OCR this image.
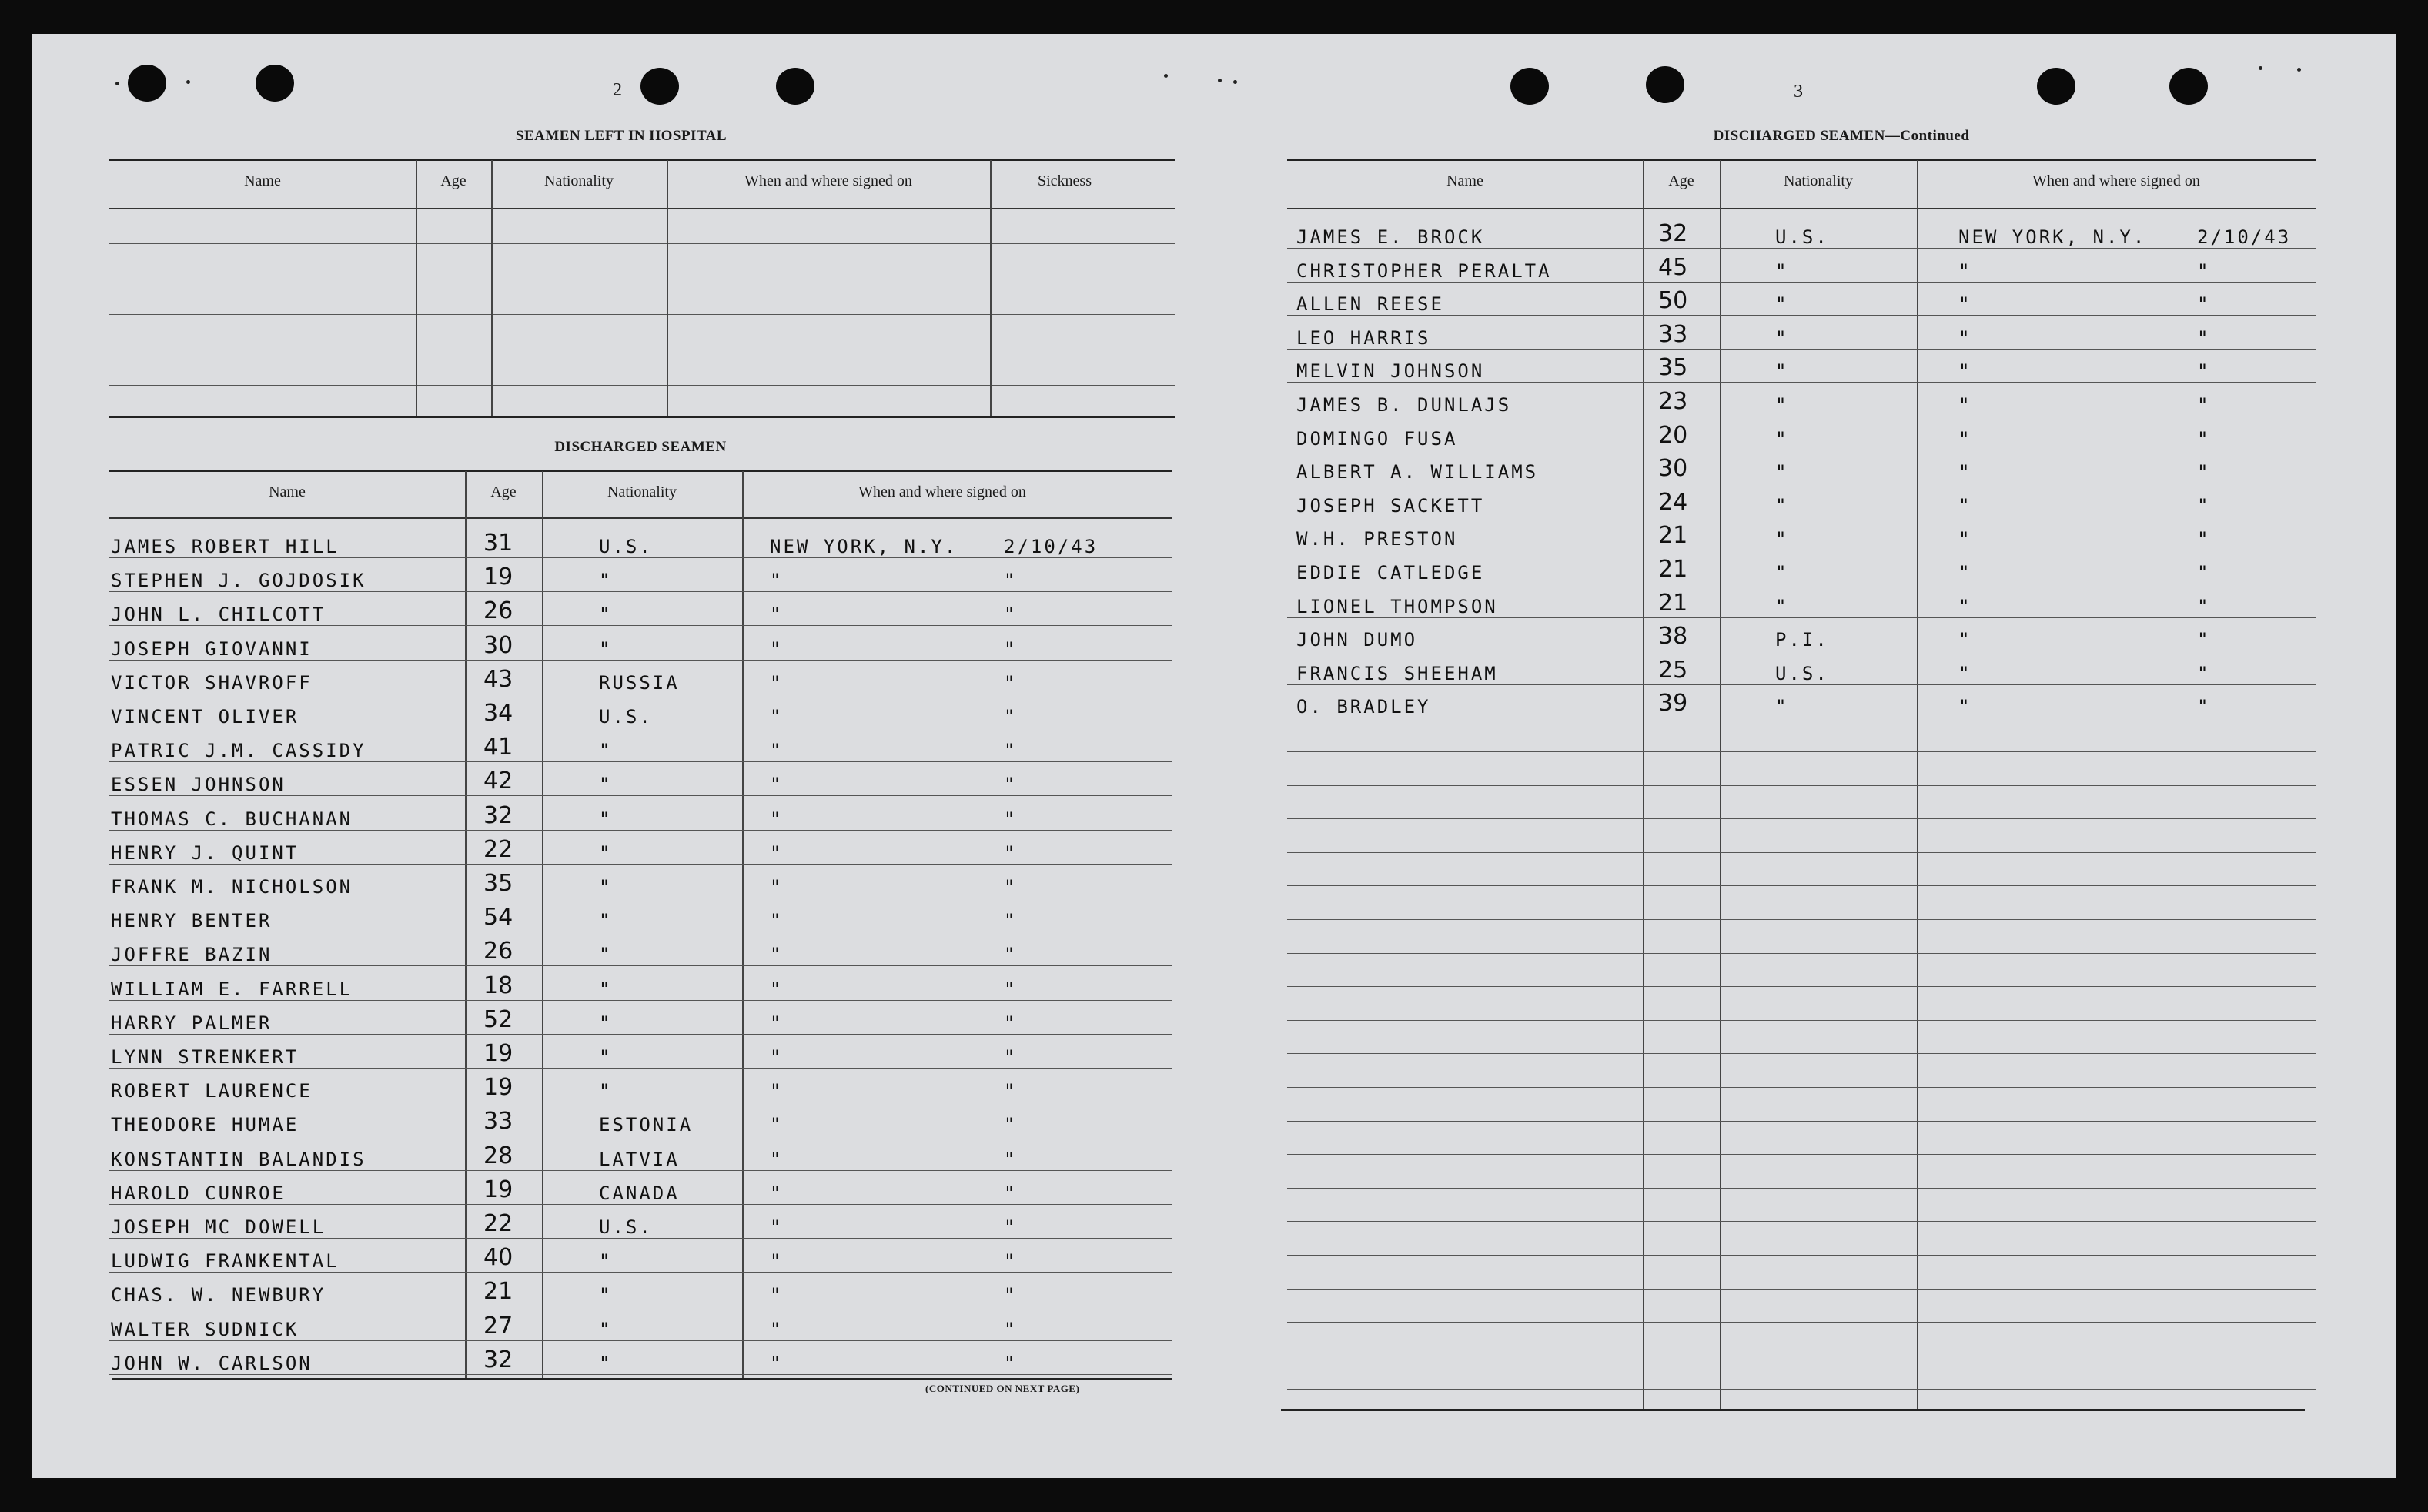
2	3
SEAMEN LEFT IN HOSPITAL
Name	Age	Nationality	When and where signed on	Sickness
DISCHARGED SEAMEN
Name	Age	Nationality	When and where signed on
(CONTINUED ON NEXT PAGE)
JAMES ROBERT HILL	31	U.S.	NEW YORK, N.Y. 2/10/43
STEPHEN J. GOJDOSIK	19	"	"	"
JOHN L. CHILCOTT	26	"	"	"
JOSEPH GIOVANNI	30	"	"	"
VICTOR SHAVROFF	43	RUSSIA	"	"
VINCENT OLIVER	34	U.S.	"	"
PATRIC J.M. CASSIDY	41	"	"	"
ESSEN JOHNSON	42	"	"	"
THOMAS C. BUCHANAN	32	"	"	"
HENRY J. QUINT	22	"	"	"
FRANK M. NICHOLSON	35	"	"	"
HENRY BENTER	54	"	"	"
JOFFRE BAZIN	26	"	"	"
WILLIAM E. FARRELL	18	"	"	"
HARRY PALMER	52	"	"	"
LYNN STRENKERT	19	"	"	"
ROBERT LAURENCE	19	"	"	"
THEODORE HUMAE	33	ESTONIA	"	"
KONSTANTIN BALANDIS	28	LATVIA	"	"
HAROLD CUNROE	19	CANADA	"	"
JOSEPH MC DOWELL	22	U.S.	"	"
LUDWIG FRANKENTAL	40	"	"	"
CHAS. W. NEWBURY	21	"	"	"
WALTER SUDNICK	27	"	"	"
JOHN W. CARLSON	32	"	"	"
DISCHARGED SEAMEN—Continued
Name	Age	Nationality	When and where signed on
JAMES E. BROCK	32	U.S.	NEW YORK, N.Y.	2/10/43
CHRISTOPHER PERALTA	45	"	"	"
ALLEN REESE	50	"	"	"
LEO HARRIS	33	"	"	"
MELVIN JOHNSON	35	"	"	"
JAMES B. DUNLAJS	23	"	"	"
DOMINGO FUSA	20	"	"	"
ALBERT A. WILLIAMS	30	"	"	"
JOSEPH SACKETT	24	"	"	"
W.H. PRESTON	21	"	"	"
EDDIE CATLEDGE	21	"	"	"
LIONEL THOMPSON	21	"	"	"
JOHN DUMO	38	P.I.	"	"
FRANCIS SHEEHAM	25	U.S.	"	"
O. BRADLEY	39	"	"	"
